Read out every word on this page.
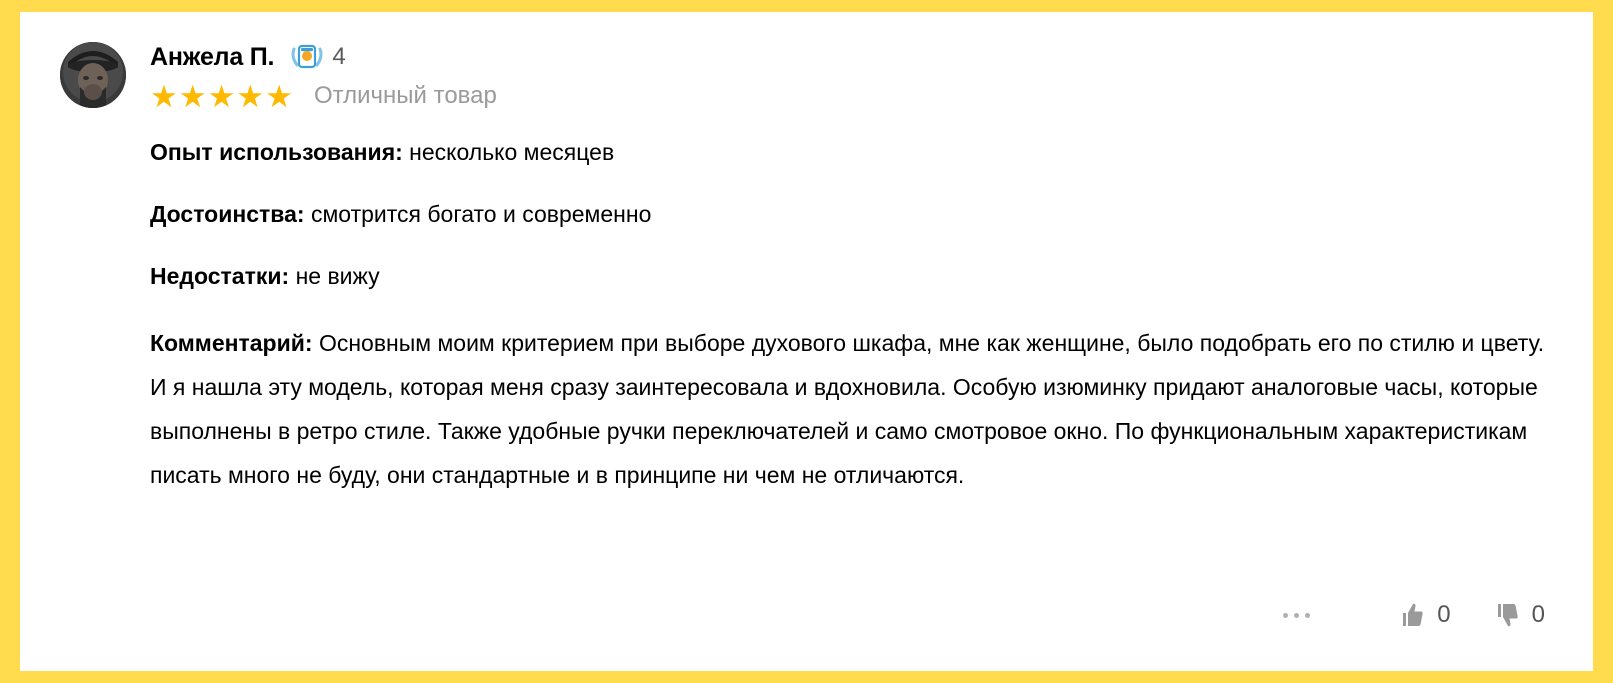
Анжела П. 4
★ ★ ★ ★ ★ Отличный товар
Опыт использования: несколько месяцев
Достоинства: смотрится богато и современно
Недостатки: не вижу
Комментарий: Основным моим критерием при выборе духового шкафа, мне как женщине, было подобрать его по стилю и цвету. И я нашла эту модель, которая меня сразу заинтересовала и вдохновила. Особую изюминку придают аналоговые часы, которые выполнены в ретро стиле. Также удобные ручки переключателей и само смотровое окно. По функциональным характеристикам писать много не буду, они стандартные и в принципе ни чем не отличаются.
0	0
